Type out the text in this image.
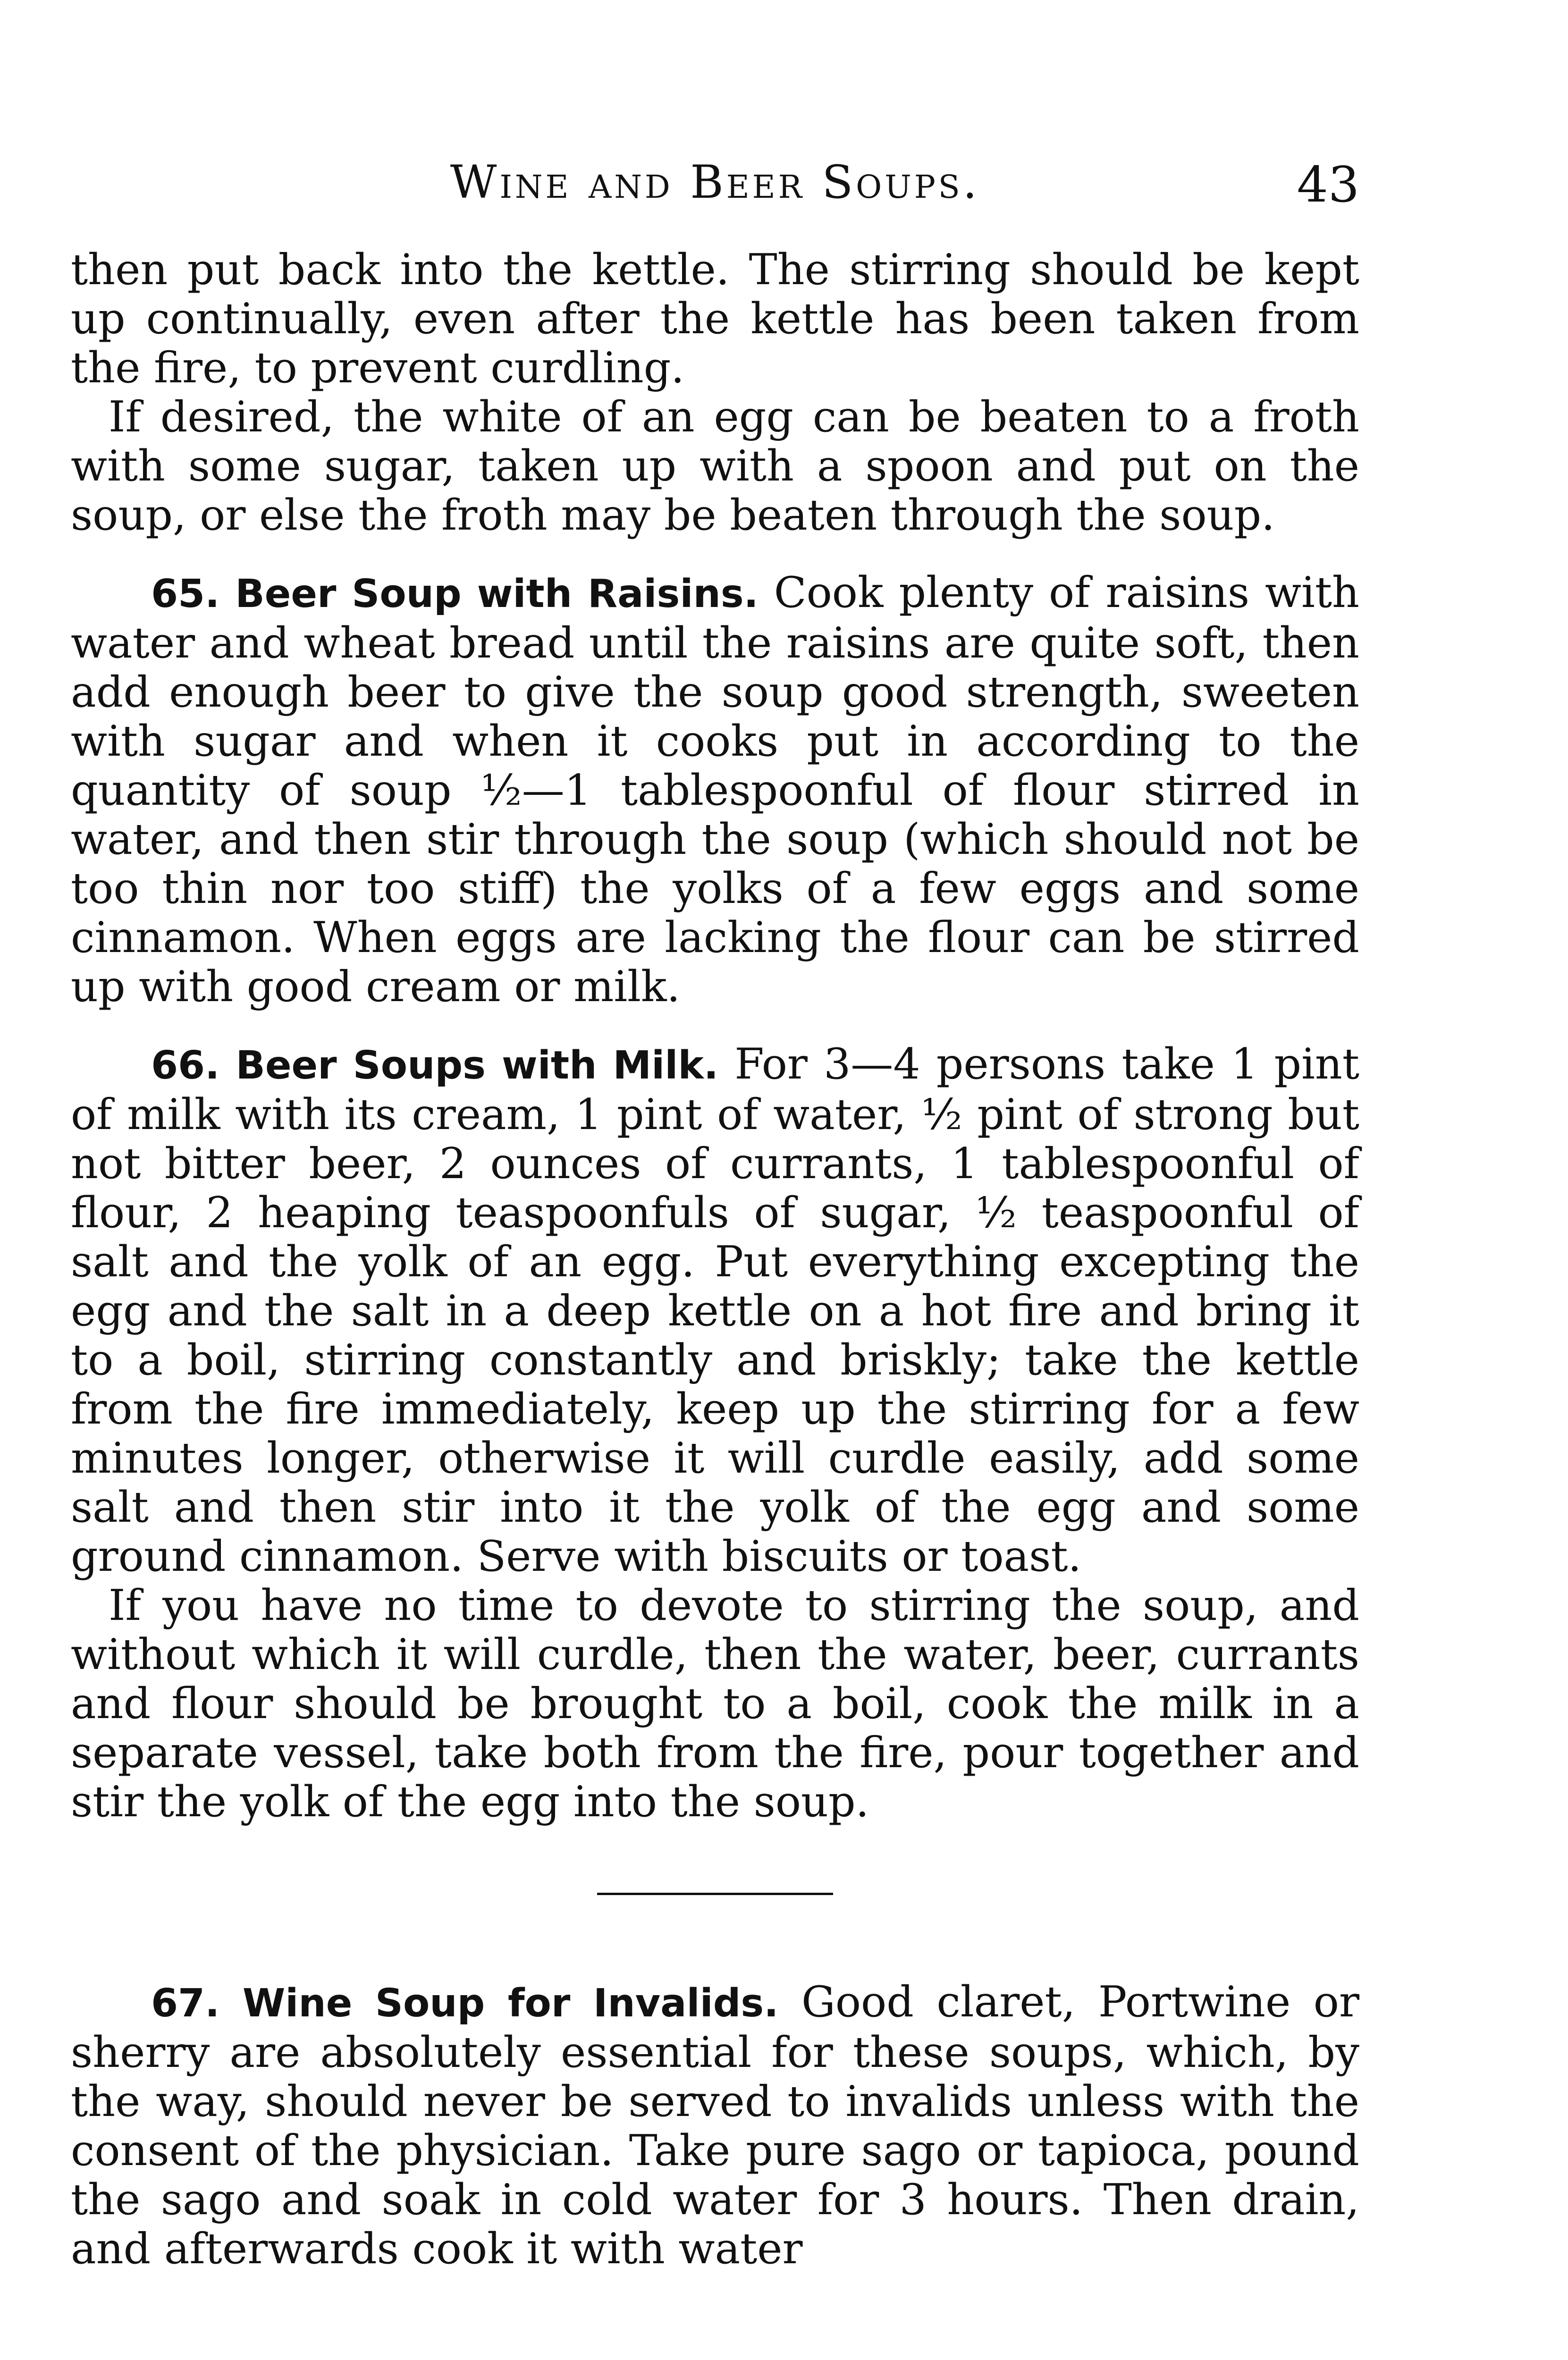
Wine and Beer Soups.	43

then put back into the kettle. The stirring should be kept up continually, even after the kettle has been taken from the fire, to prevent curdling.

If desired, the white of an egg can be beaten to a froth with some sugar, taken up with a spoon and put on the soup, or else the froth may be beaten through the soup.

65. Beer Soup with Raisins. Cook plenty of raisins with water and wheat bread until the raisins are quite soft, then add enough beer to give the soup good strength, sweeten with sugar and when it cooks put in according to the quantity of soup ½—1 tablespoonful of flour stirred in water, and then stir through the soup (which should not be too thin nor too stiff) the yolks of a few eggs and some cinnamon. When eggs are lacking the flour can be stirred up with good cream or milk.

66. Beer Soups with Milk. For 3—4 persons take 1 pint of milk with its cream, 1 pint of water, ½ pint of strong but not bitter beer, 2 ounces of currants, 1 tablespoonful of flour, 2 heaping teaspoonfuls of sugar, ½ teaspoonful of salt and the yolk of an egg. Put everything excepting the egg and the salt in a deep kettle on a hot fire and bring it to a boil, stirring constantly and briskly; take the kettle from the fire immediately, keep up the stirring for a few minutes longer, otherwise it will curdle easily, add some salt and then stir into it the yolk of the egg and some ground cinnamon. Serve with biscuits or toast.

If you have no time to devote to stirring the soup, and without which it will curdle, then the water, beer, currants and flour should be brought to a boil, cook the milk in a separate vessel, take both from the fire, pour together and stir the yolk of the egg into the soup.

67. Wine Soup for Invalids. Good claret, Portwine or sherry are absolutely essential for these soups, which, by the way, should never be served to invalids unless with the consent of the physician. Take pure sago or tapioca, pound the sago and soak in cold water for 3 hours. Then drain, and afterwards cook it with water
